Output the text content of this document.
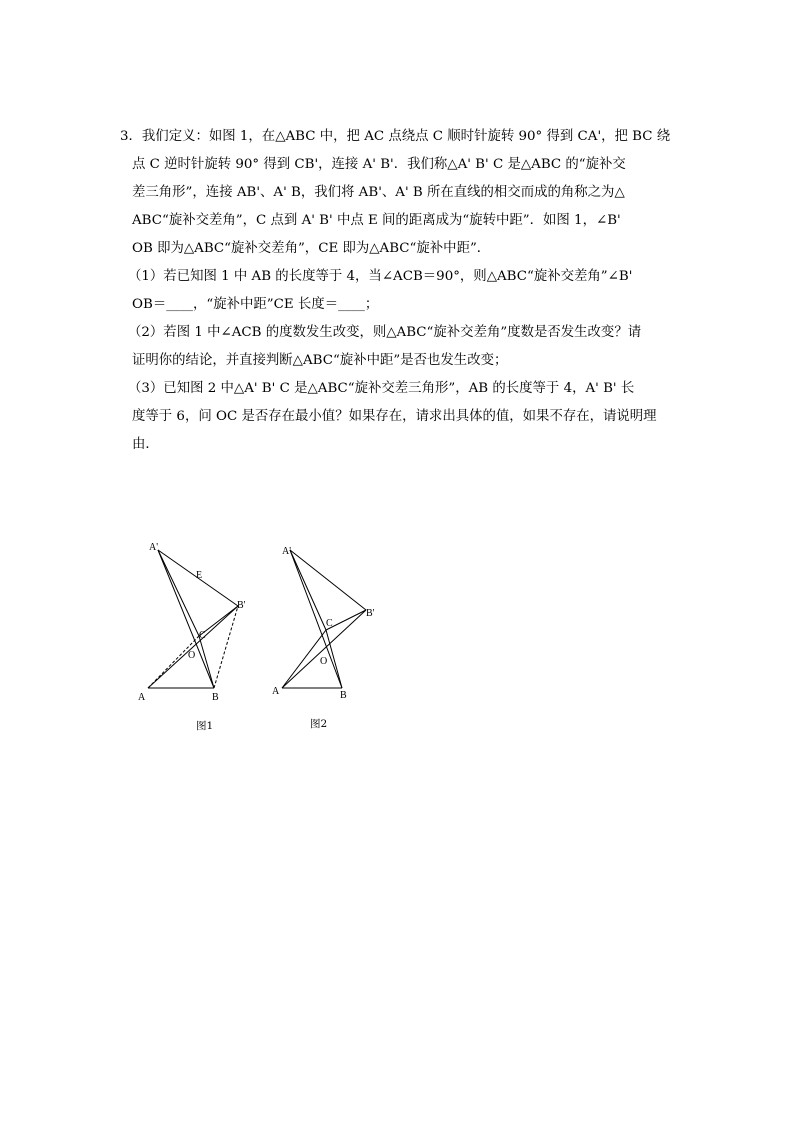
3．我们定义：如图 1，在△ABC 中，把 AC 点绕点 C 顺时针旋转 90° 得到 CA'，把 BC 绕
点 C 逆时针旋转 90° 得到 CB'，连接 A' B'．我们称△A' B' C 是△ABC 的“旋补交
差三角形”，连接 AB'、A' B，我们将 AB'、A' B 所在直线的相交而成的角称之为△
ABC“旋补交差角”，C 点到 A' B' 中点 E 间的距离成为“旋转中距”．如图 1，∠B'
OB 即为△ABC“旋补交差角”，CE 即为△ABC“旋补中距”．
（1）若已知图 1 中 AB 的长度等于 4，当∠ACB＝90°，则△ABC“旋补交差角”∠B'
OB＝____，“旋补中距”CE 长度＝____；
（2）若图 1 中∠ACB 的度数发生改变，则△ABC“旋补交差角”度数是否发生改变？请
证明你的结论，并直接判断△ABC“旋补中距”是否也发生改变；
（3）已知图 2 中△A' B' C 是△ABC“旋补交差三角形”，AB 的长度等于 4，A' B' 长
度等于 6，问 OC 是否存在最小值？如果存在，请求出具体的值，如果不存在，请说明理
由．
A'
E
B'
C
O
A	B
图1
A'
B'
C
O
A	B
图2
